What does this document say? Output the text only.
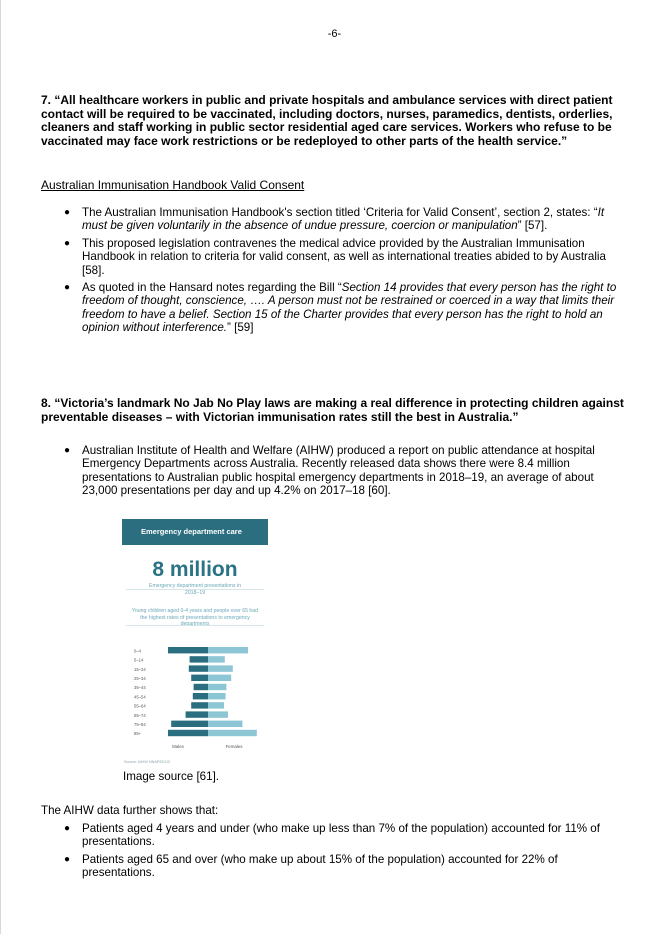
-6-
7. “All healthcare workers in public and private hospitals and ambulance services with direct patient contact will be required to be vaccinated, including doctors, nurses, paramedics, dentists, orderlies, cleaners and staff working in public sector residential aged care services. Workers who refuse to be vaccinated may face work restrictions or be redeployed to other parts of the health service.”
Australian Immunisation Handbook Valid Consent
● The Australian Immunisation Handbook's section titled ‘Criteria for Valid Consent’, section 2, states: “It must be given voluntarily in the absence of undue pressure, coercion or manipulation” [57].
● This proposed legislation contravenes the medical advice provided by the Australian Immunisation Handbook in relation to criteria for valid consent, as well as international treaties abided to by Australia [58].
● As quoted in the Hansard notes regarding the Bill “Section 14 provides that every person has the right to freedom of thought, conscience, …. A person must not be restrained or coerced in a way that limits their freedom to have a belief. Section 15 of the Charter provides that every person has the right to hold an opinion without interference.” [59]
8. “Victoria’s landmark No Jab No Play laws are making a real difference in protecting children against preventable diseases – with Victorian immunisation rates still the best in Australia.”
● Australian Institute of Health and Welfare (AIHW) produced a report on public attendance at hospital Emergency Departments across Australia. Recently released data shows there were 8.4 million presentations to Australian public hospital emergency departments in 2018–19, an average of about 23,000 presentations per day and up 4.2% on 2017–18 [60].
Emergency department care
8 million
Emergency department presentations in
2018–19
Young children aged 0-4 years and people over 65 had the highest rates of presentations to emergency
0–4
5–14
15–24
25–34
35–44
45–54
55–64
65–74
75–84
85+
Males	Females
Source: AIHW NNAPEDCD
Image source [61].
The AIHW data further shows that:
● Patients aged 4 years and under (who make up less than 7% of the population) accounted for 11% of presentations.
● Patients aged 65 and over (who make up about 15% of the population) accounted for 22% of presentations.
